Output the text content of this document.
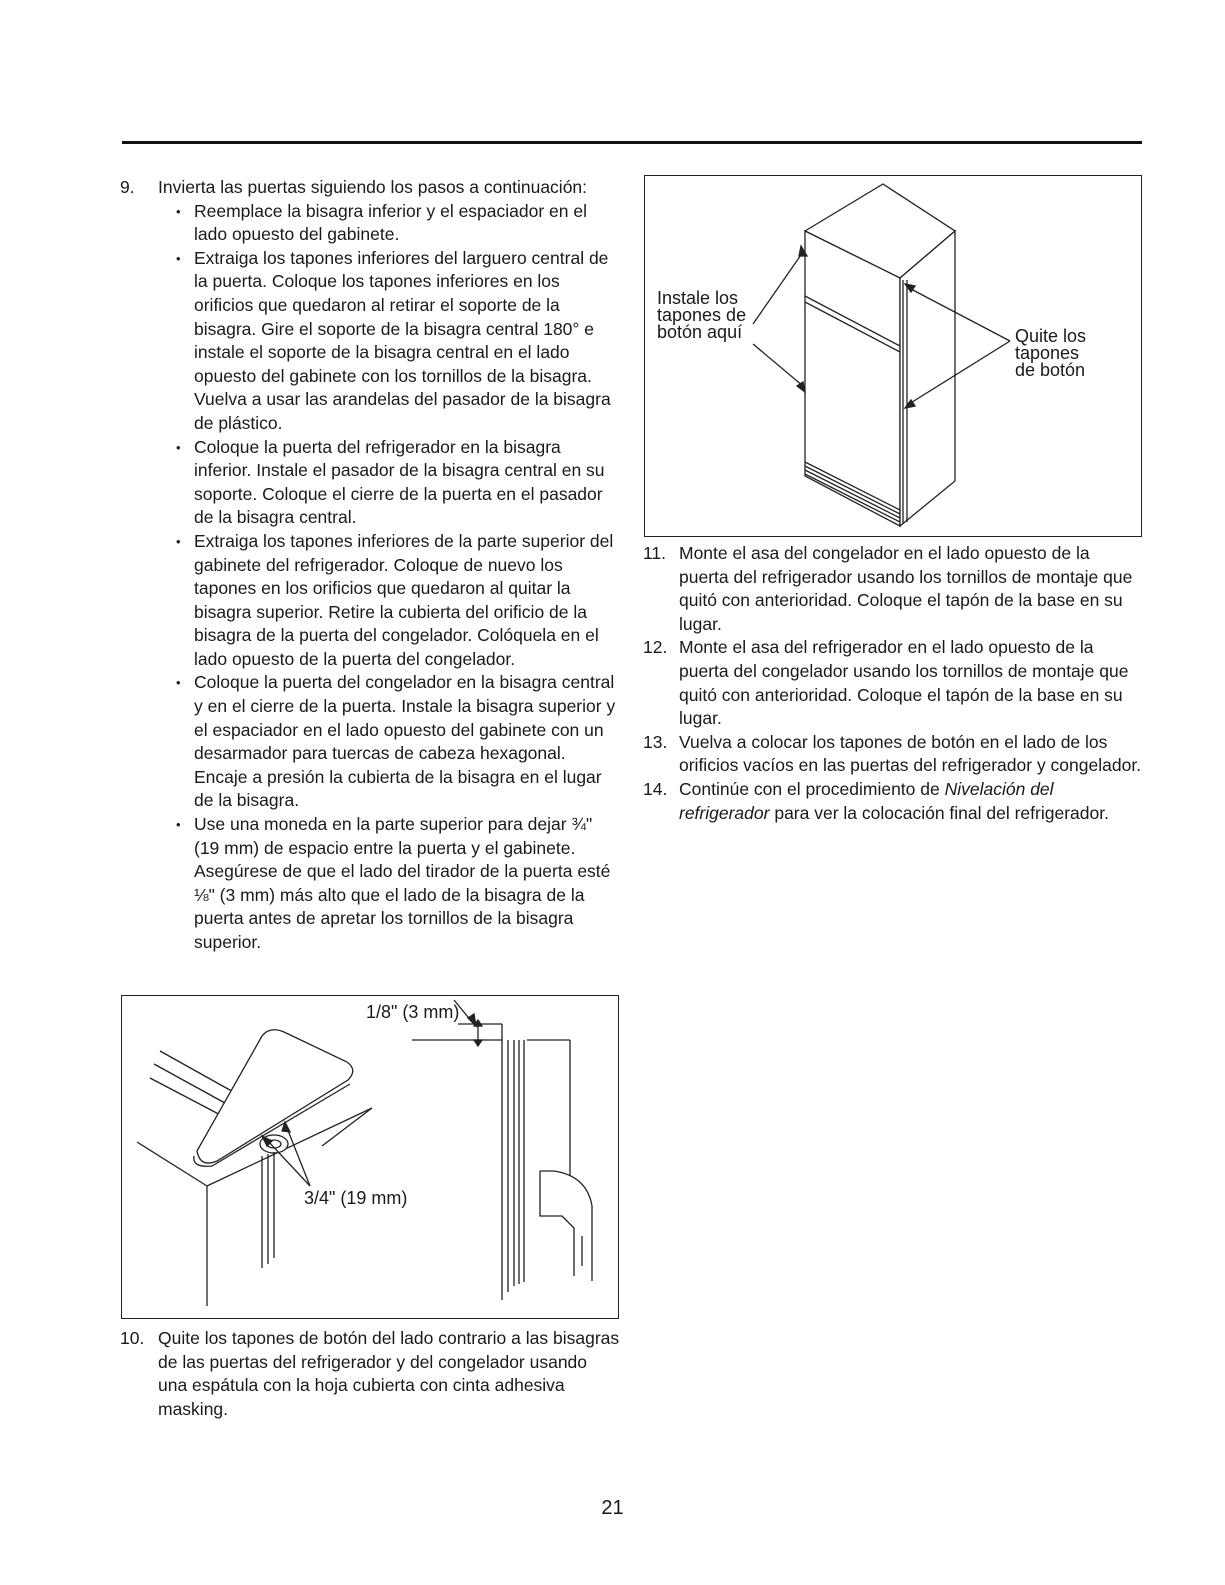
9. Invierta las puertas siguiendo los pasos a continuación:
• Reemplace la bisagra inferior y el espaciador en el lado opuesto del gabinete.
• Extraiga los tapones inferiores del larguero central de la puerta. Coloque los tapones inferiores en los orificios que quedaron al retirar el soporte de la bisagra. Gire el soporte de la bisagra central 180° e instale el soporte de la bisagra central en el lado opuesto del gabinete con los tornillos de la bisagra. Vuelva a usar las arandelas del pasador de la bisagra de plástico.
• Coloque la puerta del refrigerador en la bisagra inferior. Instale el pasador de la bisagra central en su soporte. Coloque el cierre de la puerta en el pasador de la bisagra central.
• Extraiga los tapones inferiores de la parte superior del gabinete del refrigerador. Coloque de nuevo los tapones en los orificios que quedaron al quitar la bisagra superior. Retire la cubierta del orificio de la bisagra de la puerta del congelador. Colóquela en el lado opuesto de la puerta del congelador.
• Coloque la puerta del congelador en la bisagra central y en el cierre de la puerta. Instale la bisagra superior y el espaciador en el lado opuesto del gabinete con un desarmador para tuercas de cabeza hexagonal. Encaje a presión la cubierta de la bisagra en el lugar de la bisagra.
• Use una moneda en la parte superior para dejar ¾" (19 mm) de espacio entre la puerta y el gabinete. Asegúrese de que el lado del tirador de la puerta esté ⅛" (3 mm) más alto que el lado de la bisagra de la puerta antes de apretar los tornillos de la bisagra superior.
1/8" (3 mm)
3/4" (19 mm)
10. Quite los tapones de botón del lado contrario a las bisagras de las puertas del refrigerador y del congelador usando una espátula con la hoja cubierta con cinta adhesiva masking.
Instale los
tapones de
botón aquí	Quite los
tapones
de botón
11. Monte el asa del congelador en el lado opuesto de la puerta del refrigerador usando los tornillos de montaje que quitó con anterioridad. Coloque el tapón de la base en su lugar.
12. Monte el asa del refrigerador en el lado opuesto de la puerta del congelador usando los tornillos de montaje que quitó con anterioridad. Coloque el tapón de la base en su lugar.
13. Vuelva a colocar los tapones de botón en el lado de los orificios vacíos en las puertas del refrigerador y congelador.
14. Continúe con el procedimiento de Nivelación del refrigerador para ver la colocación final del refrigerador.
21
